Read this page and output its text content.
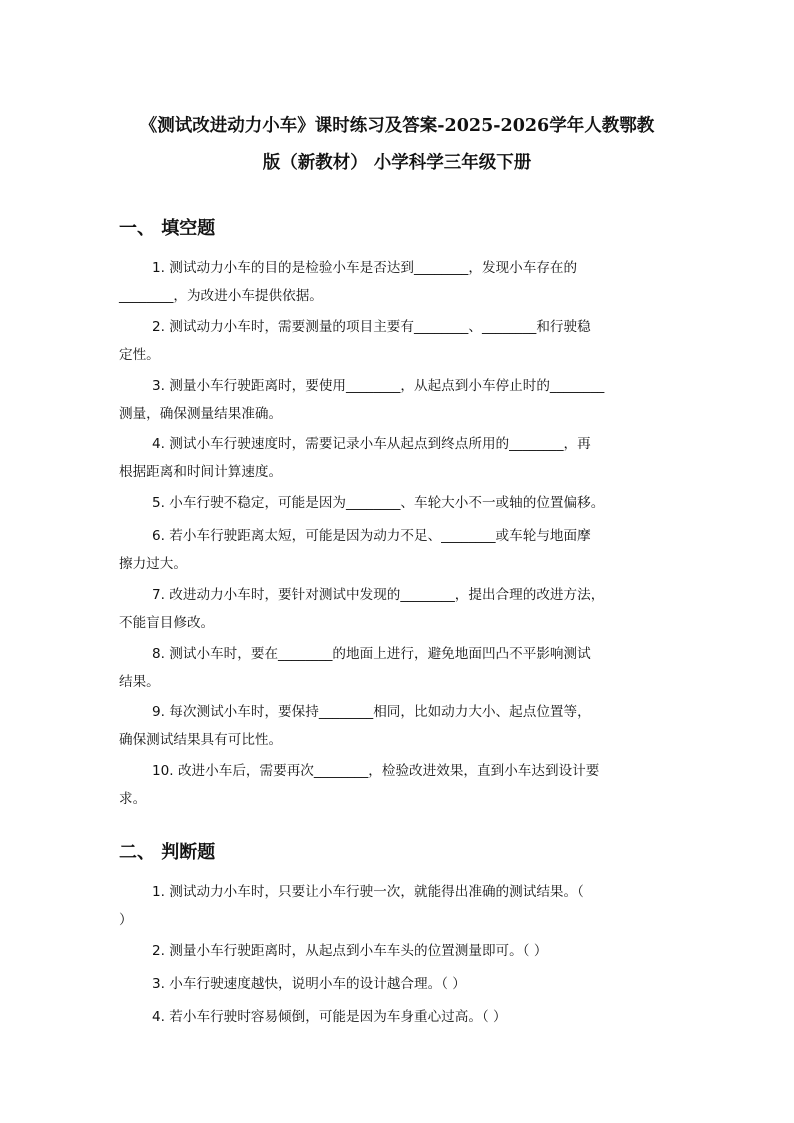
《测试改进动力小车》课时练习及答案-2025-2026学年人教鄂教
版（新教材） 小学科学三年级下册
一、 填空题
1. 测试动力小车的目的是检验小车是否达到________，发现小车存在的
________，为改进小车提供依据。
2. 测试动力小车时，需要测量的项目主要有________、________和行驶稳
定性。
3. 测量小车行驶距离时，要使用________，从起点到小车停止时的________
测量，确保测量结果准确。
4. 测试小车行驶速度时，需要记录小车从起点到终点所用的________，再
根据距离和时间计算速度。
5. 小车行驶不稳定，可能是因为________、车轮大小不一或轴的位置偏移。
6. 若小车行驶距离太短，可能是因为动力不足、________或车轮与地面摩
擦力过大。
7. 改进动力小车时，要针对测试中发现的________，提出合理的改进方法，
不能盲目修改。
8. 测试小车时，要在________的地面上进行，避免地面凹凸不平影响测试
结果。
9. 每次测试小车时，要保持________相同，比如动力大小、起点位置等，
确保测试结果具有可比性。
10. 改进小车后，需要再次________，检验改进效果，直到小车达到设计要
求。
二、 判断题
1. 测试动力小车时，只要让小车行驶一次，就能得出准确的测试结果。（
）
2. 测量小车行驶距离时，从起点到小车车头的位置测量即可。（ ）
3. 小车行驶速度越快，说明小车的设计越合理。（ ）
4. 若小车行驶时容易倾倒，可能是因为车身重心过高。（ ）
